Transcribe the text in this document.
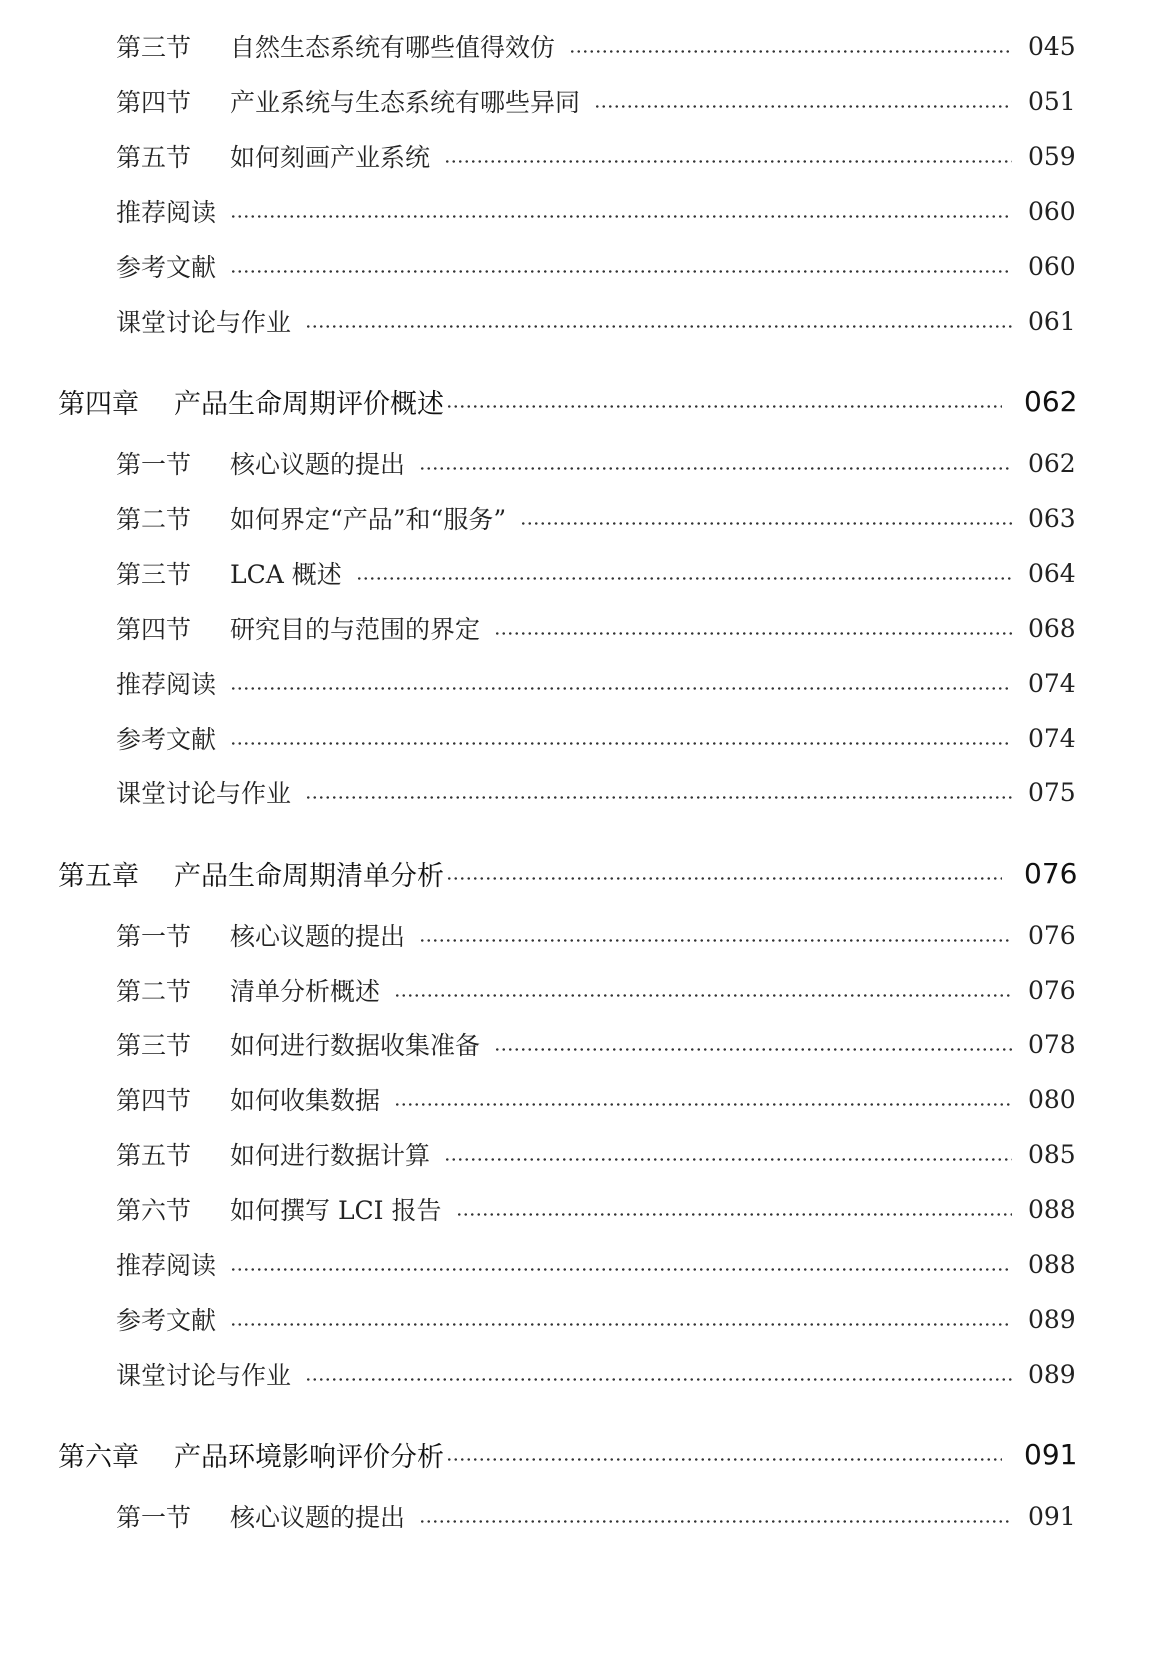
第三节	自然生态系统有哪些值得效仿	045
第四节	产业系统与生态系统有哪些异同	051
第五节	如何刻画产业系统	059
推荐阅读	060
参考文献	060
课堂讨论与作业	061
第四章	产品生命周期评价概述	062
第一节	核心议题的提出	062
第二节	如何界定“产品”和“服务”	063
第三节	LCA 概述	064
第四节	研究目的与范围的界定	068
推荐阅读	074
参考文献	074
课堂讨论与作业	075
第五章	产品生命周期清单分析	076
第一节	核心议题的提出	076
第二节	清单分析概述	076
第三节	如何进行数据收集准备	078
第四节	如何收集数据	080
第五节	如何进行数据计算	085
第六节	如何撰写 LCI 报告	088
推荐阅读	088
参考文献	089
课堂讨论与作业	089
第六章	产品环境影响评价分析	091
第一节	核心议题的提出	091
